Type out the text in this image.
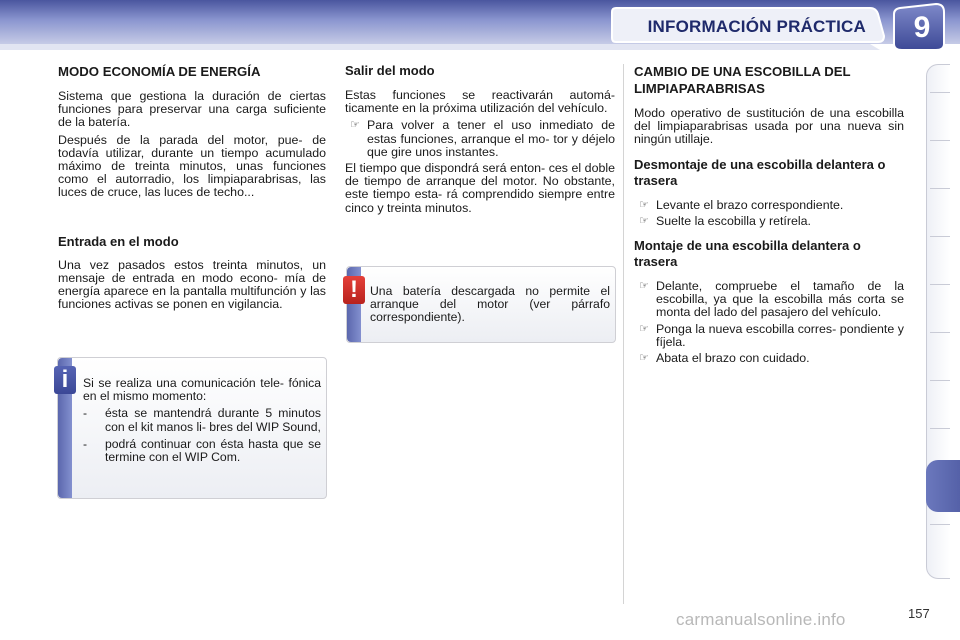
INFORMACIÓN PRÁCTICA 9
MODO ECONOMÍA DE ENERGÍA

Sistema que gestiona la duración de ciertas funciones para preservar una carga suficiente de la batería.

Después de la parada del motor, pue- de todavía utilizar, durante un tiempo acumulado máximo de treinta minutos, unas funciones como el autorradio, los limpiaparabrisas, las luces de cruce, las luces de techo...

Entrada en el modo

Una vez pasados estos treinta minutos, un mensaje de entrada en modo econo- mía de energía aparece en la pantalla multifunción y las funciones activas se ponen en vigilancia.

Si se realiza una comunicación tele- fónica en el mismo momento:

- ésta se mantendrá durante 5 minutos con el kit manos li- bres del WIP Sound,
- podrá continuar con ésta hasta que se termine con el WIP Com.
i
Salir del modo

Estas funciones se reactivarán automá- ticamente en la próxima utilización del vehículo.

☞ Para volver a tener el uso inmediato de estas funciones, arranque el mo- tor y déjelo que gire unos instantes.

El tiempo que dispondrá será enton- ces el doble de tiempo de arranque del motor. No obstante, este tiempo esta- rá comprendido siempre entre cinco y treinta minutos.

Una batería descargada no permite el arranque del motor (ver párrafo correspondiente).

!
CAMBIO DE UNA ESCOBILLA DEL LIMPIAPARABRISAS

Modo operativo de sustitución de una escobilla del limpiaparabrisas usada por una nueva sin ningún utillaje.

Desmontaje de una escobilla delantera o trasera
☞ Levante el brazo correspondiente.
☞ Suelte la escobilla y retírela.
Montaje de una escobilla delantera o trasera
☞ Delante, compruebe el tamaño de la escobilla, ya que la escobilla más corta se monta del lado del pasajero del vehículo.
☞ Ponga la nueva escobilla corres- pondiente y fíjela.
☞ Abata el brazo con cuidado.
157
carmanualsonline.info
